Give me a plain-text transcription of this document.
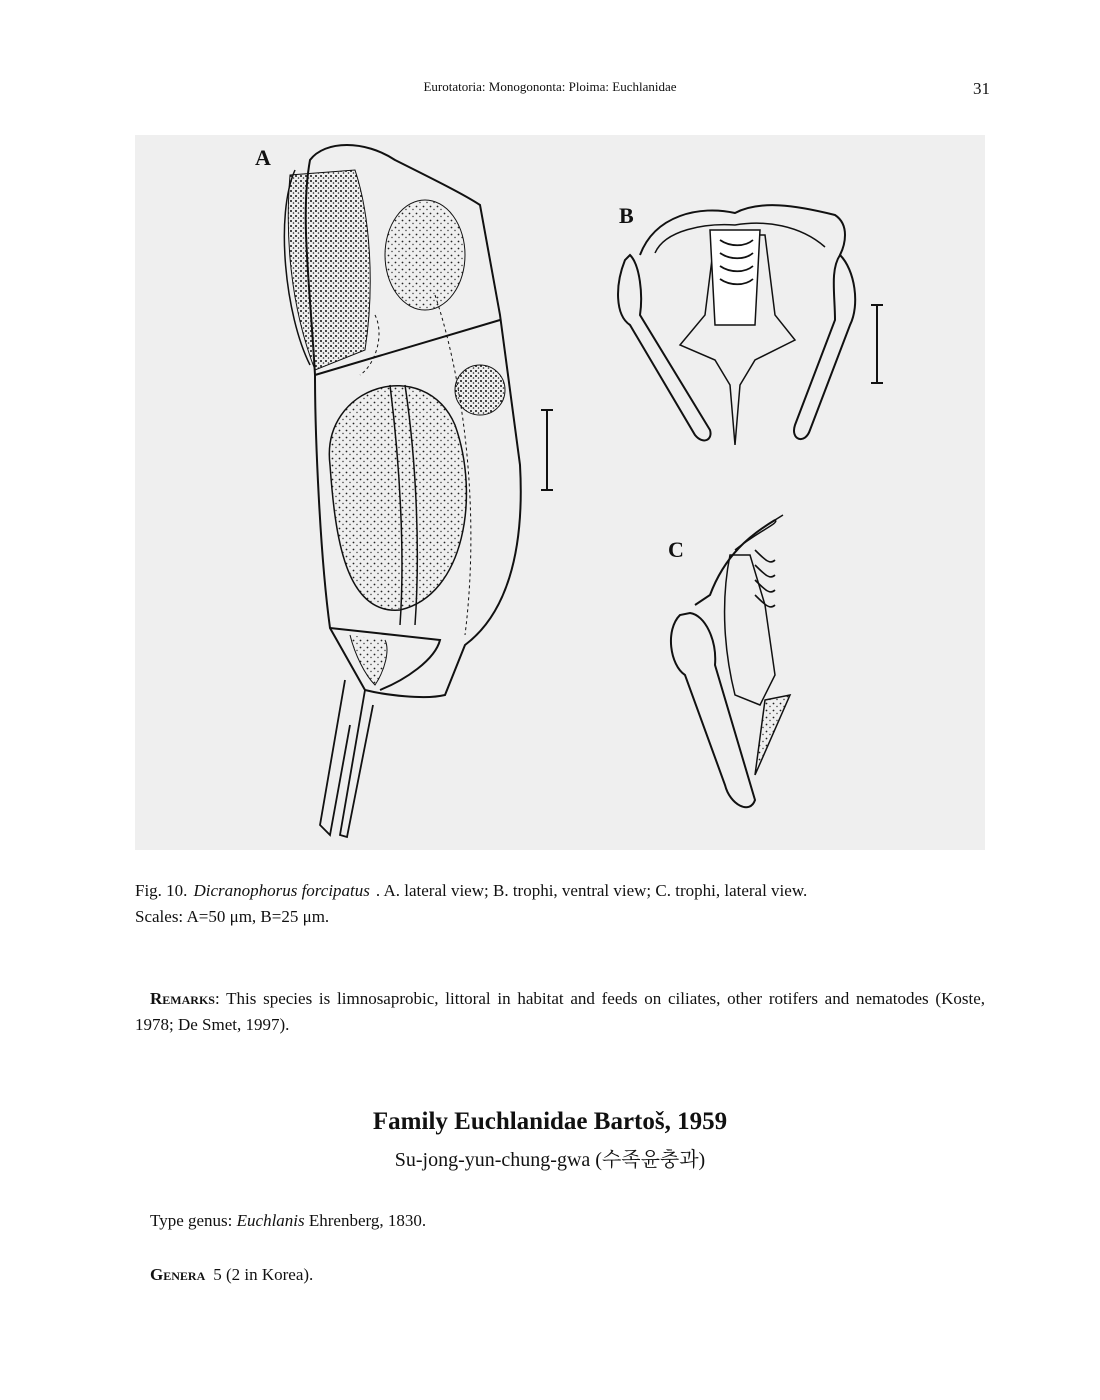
Eurotatoria: Monogononta: Ploima: Euchlanidae	31
A
B
C
Fig. 10. Dicranophorus forcipatus . A. lateral view; B. trophi, ventral view; C. trophi, lateral view.
Scales: A=50 μm, B=25 μm.
Remarks: This species is limnosaprobic, littoral in habitat and feeds on ciliates, other rotifers and nematodes (Koste, 1978; De Smet, 1997).
Family Euchlanidae Bartoš, 1959
Su-jong-yun-chung-gwa (수족윤충과)
Type genus: Euchlanis Ehrenberg, 1830.
Genera 5 (2 in Korea).
